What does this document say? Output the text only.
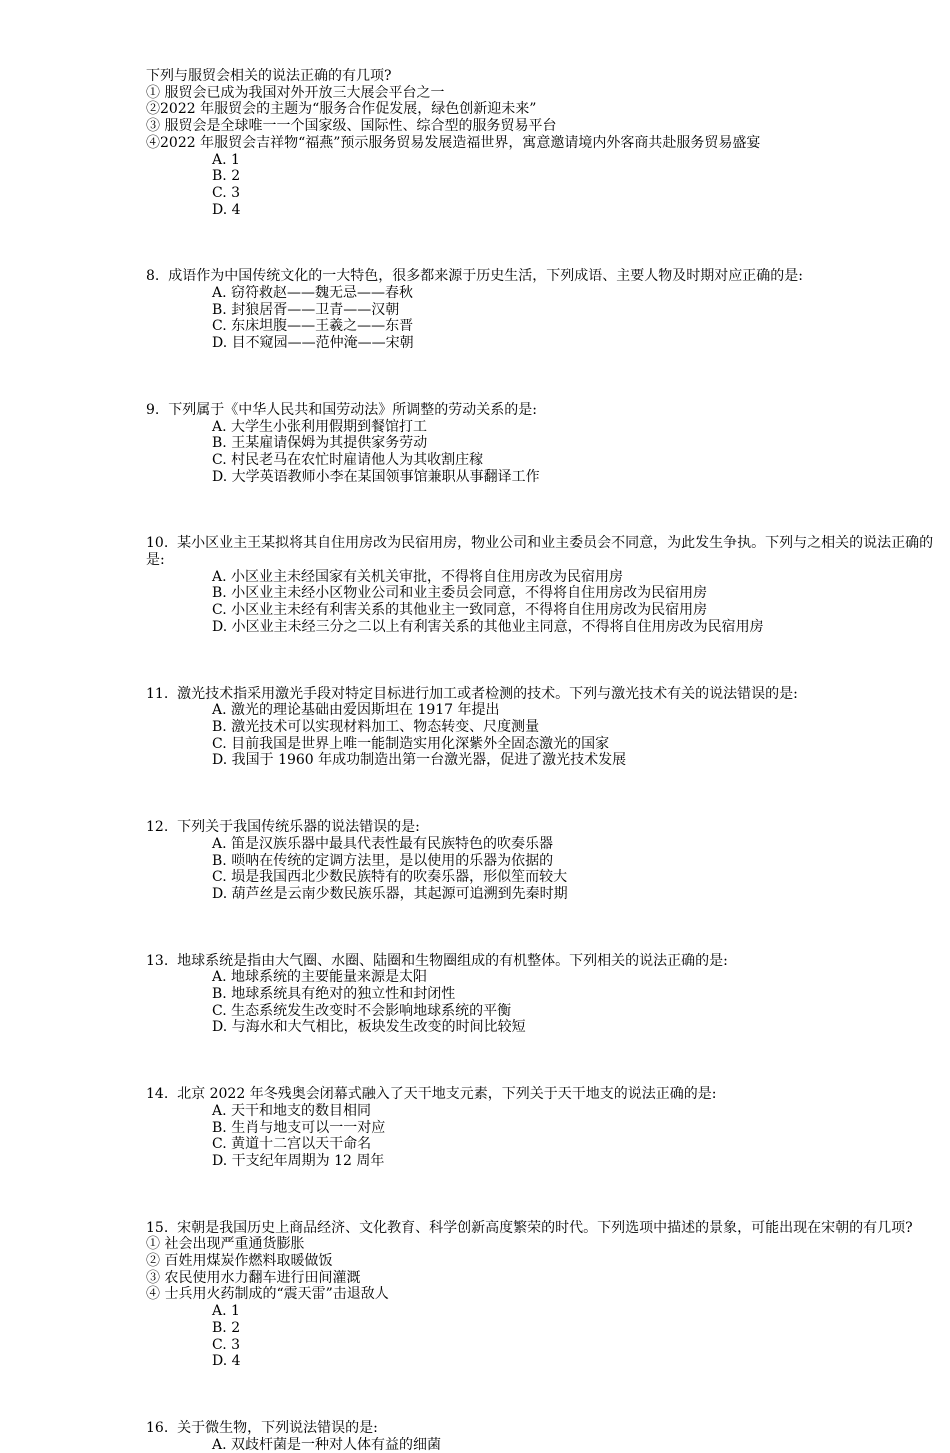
下列与服贸会相关的说法正确的有几项?

① 服贸会已成为我国对外开放三大展会平台之一

②2022 年服贸会的主题为“服务合作促发展，绿色创新迎未来”

③ 服贸会是全球唯一一个国家级、国际性、综合型的服务贸易平台

④2022 年服贸会吉祥物“福燕”预示服务贸易发展造福世界，寓意邀请境内外客商共赴服务贸易盛宴

A. 1

B. 2

C. 3

D. 4

8.  成语作为中国传统文化的一大特色，很多都来源于历史生活，下列成语、主要人物及时期对应正确的是:

A. 窃符救赵——魏无忌——春秋

B. 封狼居胥——卫青——汉朝

C. 东床坦腹——王羲之——东晋

D. 目不窥园——范仲淹——宋朝

9.  下列属于《中华人民共和国劳动法》所调整的劳动关系的是:

A. 大学生小张利用假期到餐馆打工

B. 王某雇请保姆为其提供家务劳动

C. 村民老马在农忙时雇请他人为其收割庄稼

D. 大学英语教师小李在某国领事馆兼职从事翻译工作

10.  某小区业主王某拟将其自住用房改为民宿用房，物业公司和业主委员会不同意，为此发生争执。下列与之相关的说法正确的是:

A. 小区业主未经国家有关机关审批，不得将自住用房改为民宿用房

B. 小区业主未经小区物业公司和业主委员会同意，不得将自住用房改为民宿用房

C. 小区业主未经有利害关系的其他业主一致同意，不得将自住用房改为民宿用房

D. 小区业主未经三分之二以上有利害关系的其他业主同意，不得将自住用房改为民宿用房

11.  激光技术指采用激光手段对特定目标进行加工或者检测的技术。下列与激光技术有关的说法错误的是:

A. 激光的理论基础由爱因斯坦在 1917 年提出

B. 激光技术可以实现材料加工、物态转变、尺度测量

C. 目前我国是世界上唯一能制造实用化深紫外全固态激光的国家

D. 我国于 1960 年成功制造出第一台激光器，促进了激光技术发展

12.  下列关于我国传统乐器的说法错误的是:

A. 笛是汉族乐器中最具代表性最有民族特色的吹奏乐器

B. 唢呐在传统的定调方法里，是以使用的乐器为依据的

C. 埙是我国西北少数民族特有的吹奏乐器，形似笙而较大

D. 葫芦丝是云南少数民族乐器，其起源可追溯到先秦时期

13.  地球系统是指由大气圈、水圈、陆圈和生物圈组成的有机整体。下列相关的说法正确的是:

A. 地球系统的主要能量来源是太阳

B. 地球系统具有绝对的独立性和封闭性

C. 生态系统发生改变时不会影响地球系统的平衡

D. 与海水和大气相比，板块发生改变的时间比较短

14.  北京 2022 年冬残奥会闭幕式融入了天干地支元素，下列关于天干地支的说法正确的是:

A. 天干和地支的数目相同

B. 生肖与地支可以一一对应

C. 黄道十二宫以天干命名

D. 干支纪年周期为 12 周年

15.  宋朝是我国历史上商品经济、文化教育、科学创新高度繁荣的时代。下列选项中描述的景象，可能出现在宋朝的有几项?

① 社会出现严重通货膨胀

② 百姓用煤炭作燃料取暖做饭

③ 农民使用水力翻车进行田间灌溉

④ 士兵用火药制成的“震天雷”击退敌人

A. 1

B. 2

C. 3

D. 4

16.  关于微生物，下列说法错误的是:

A. 双歧杆菌是一种对人体有益的细菌
